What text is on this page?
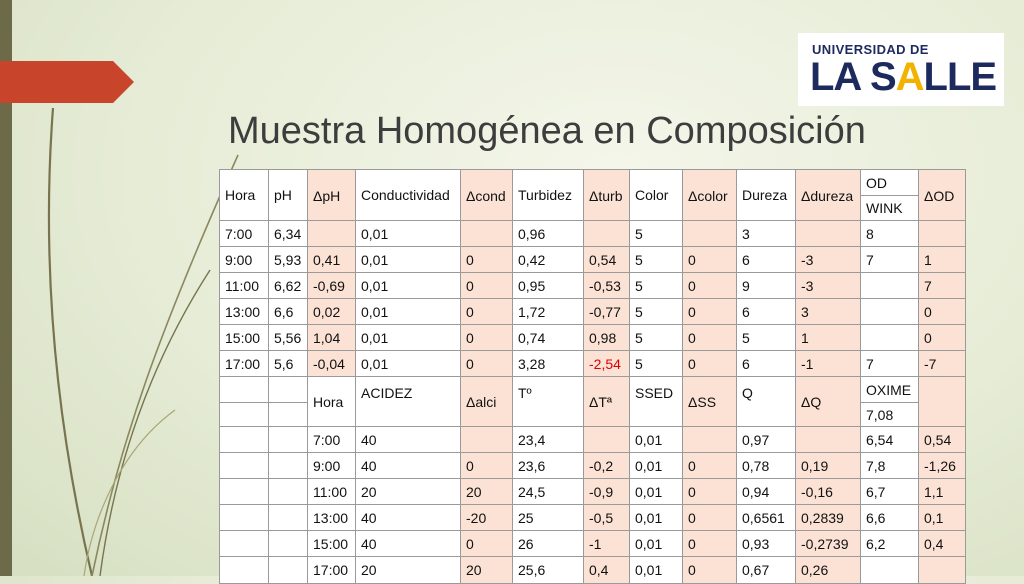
UNIVERSIDAD DE
LA SALLE
Muestra Homogénea en Composición
Hora	pH	ΔpH	Conductividad	Δcond	Turbidez	Δturb	Color	Δcolor	Dureza	Δdureza	OD	ΔOD
											WINK	
7:00	6,34		0,01		0,96		5		3		8	
9:00	5,93	0,41	0,01	0	0,42	0,54	5	0	6	-3	7	1
11:00	6,62	-0,69	0,01	0	0,95	-0,53	5	0	9	-3		7
13:00	6,6	0,02	0,01	0	1,72	-0,77	5	0	6	3		0
15:00	5,56	1,04	0,01	0	0,74	0,98	5	0	5	1		0
17:00	5,6	-0,04	0,01	0	3,28	-2,54	5	0	6	-1	7	-7
		Hora	ACIDEZ	Δalci	Tº	ΔTª	SSED	ΔSS	Q	ΔQ	OXIME	
											7,08	
		7:00	40		23,4		0,01		0,97		6,54	0,54
		9:00	40	0	23,6	-0,2	0,01	0	0,78	0,19	7,8	-1,26
		11:00	20	20	24,5	-0,9	0,01	0	0,94	-0,16	6,7	1,1
		13:00	40	-20	25	-0,5	0,01	0	0,6561	0,2839	6,6	0,1
		15:00	40	0	26	-1	0,01	0	0,93	-0,2739	6,2	0,4
		17:00	20	20	25,6	0,4	0,01	0	0,67	0,26		
